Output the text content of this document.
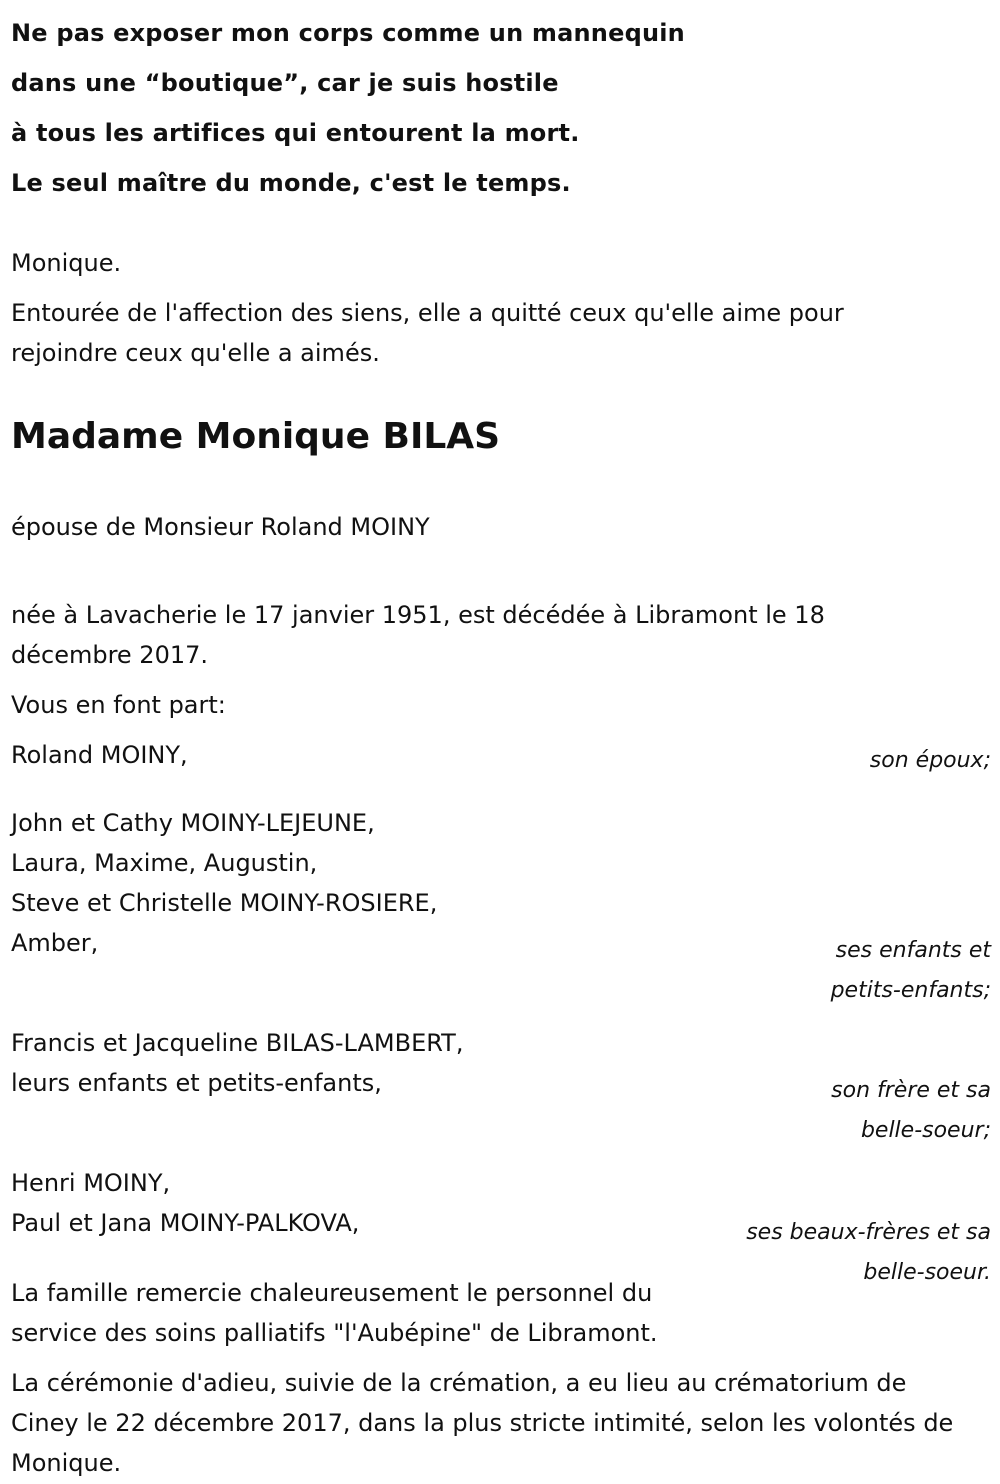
Ne pas exposer mon corps comme un mannequin
dans une “boutique”, car je suis hostile
à tous les artifices qui entourent la mort.
Le seul maître du monde, c'est le temps.

Monique.

Entourée de l'affection des siens, elle a quitté ceux qu'elle aime pour rejoindre ceux qu'elle a aimés.

Madame Monique BILAS

épouse de Monsieur Roland MOINY

née à Lavacherie le 17 janvier 1951, est décédée à Libramont le 18 décembre 2017.

Vous en font part:

Roland MOINY,	son époux;
John et Cathy MOINY-LEJEUNE,
Laura, Maxime, Augustin,
Steve et Christelle MOINY-ROSIERE,
Amber,	ses enfants et petits-enfants;
Francis et Jacqueline BILAS-LAMBERT,
leurs enfants et petits-enfants,	son frère et sa belle-soeur;
Henri MOINY,
Paul et Jana MOINY-PALKOVA,	ses beaux-frères et sa belle-soeur.

La famille remercie chaleureusement le personnel du service des soins palliatifs "l'Aubépine" de Libramont.

La cérémonie d'adieu, suivie de la crémation, a eu lieu au crématorium de Ciney le 22 décembre 2017, dans la plus stricte intimité, selon les volontés de Monique.
